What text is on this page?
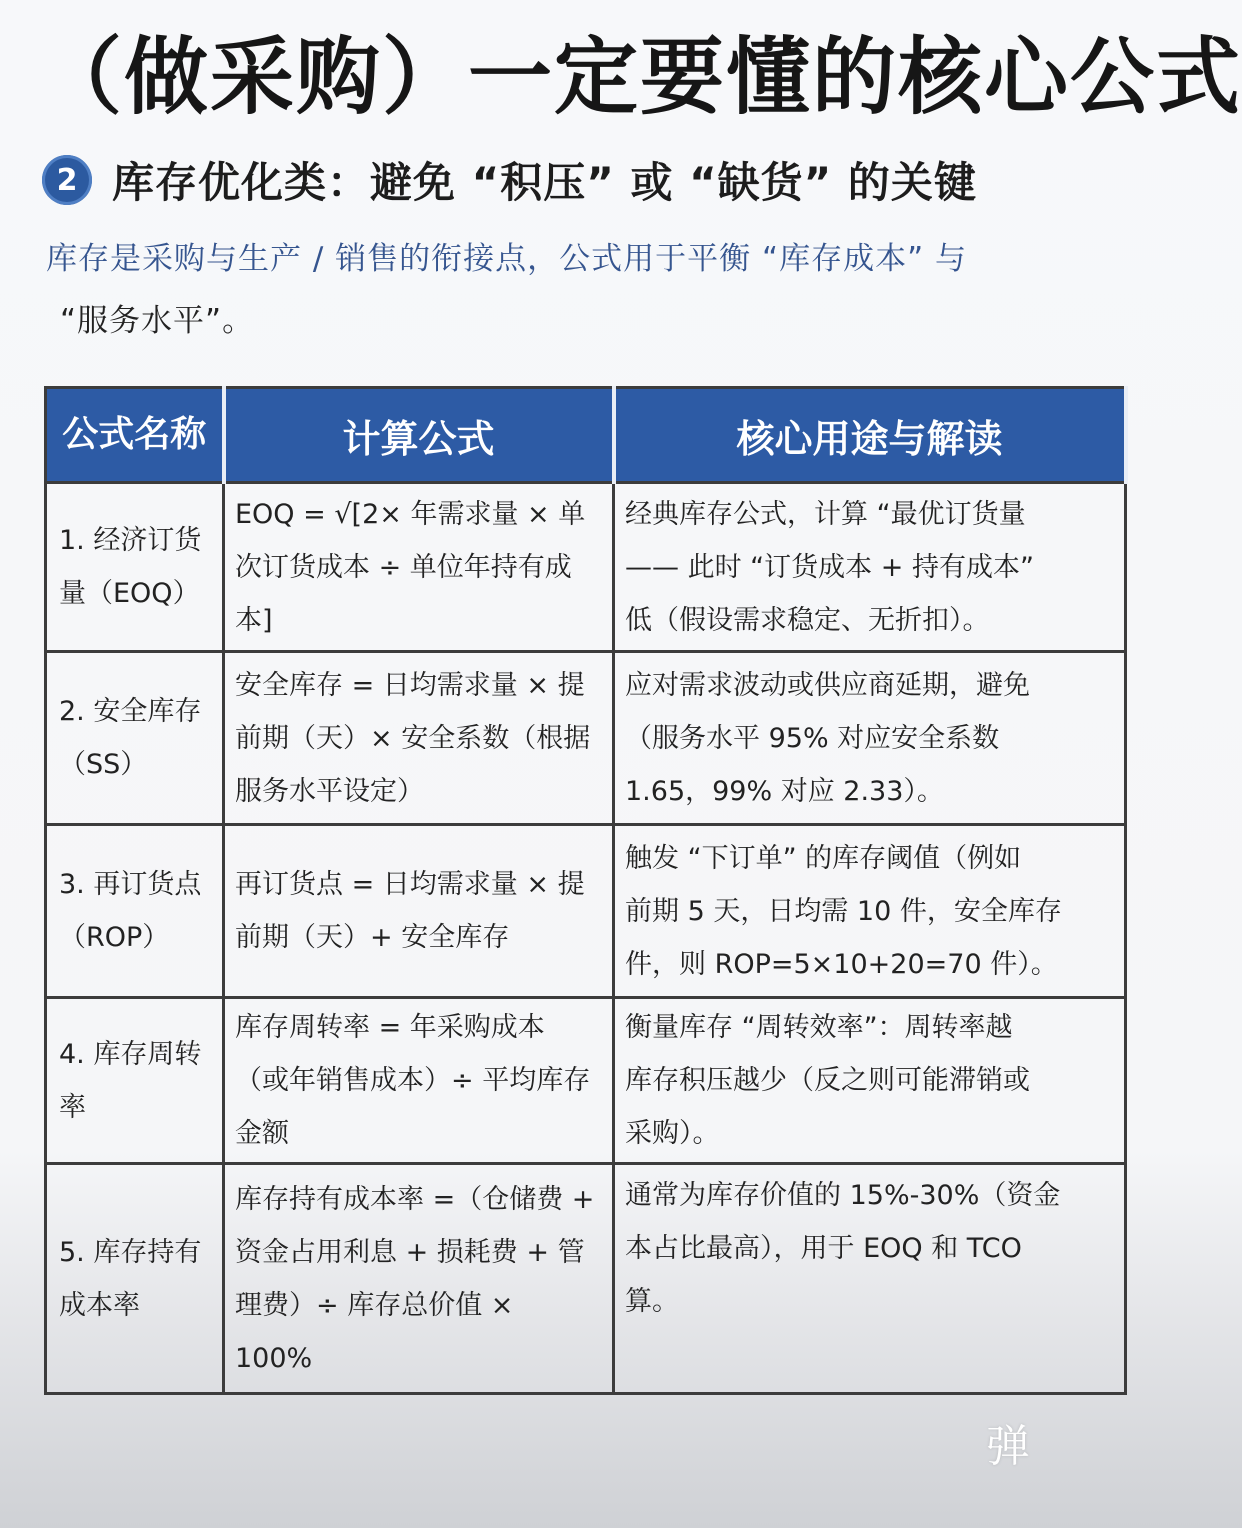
（做采购）一定要懂的核心公式
2 库存优化类：避免 “积压” 或 “缺货” 的关键

库存是采购与生产 / 销售的衔接点，公式用于平衡 “库存成本” 与

“服务水平”。

公式名称	计算公式	核心用途与解读
1. 经济订货量（EOQ）	EOQ = √[2× 年需求量 × 单次订货成本 ÷ 单位年持有成本]	经典库存公式，计算 “最优订货量
—— 此时 “订货成本 + 持有成本”
低（假设需求稳定、无折扣）。

2. 安全库存（SS）	安全库存 = 日均需求量 × 提前期（天）× 安全系数（根据服务水平设定）	应对需求波动或供应商延期，避免
（服务水平 95% 对应安全系数
1.65，99% 对应 2.33）。

3. 再订货点（ROP）	再订货点 = 日均需求量 × 提前期（天）+ 安全库存	触发 “下订单” 的库存阈值（例如
前期 5 天，日均需 10 件，安全库存
件，则 ROP=5×10+20=70 件）。

4. 库存周转率	库存周转率 = 年采购成本（或年销售成本）÷ 平均库存金额	衡量库存 “周转效率”：周转率越
库存积压越少（反之则可能滞销或
采购）。

5. 库存持有成本率	库存持有成本率 =（仓储费 + 资金占用利息 + 损耗费 + 管理费）÷ 库存总价值 × 100%	通常为库存价值的 15%-30%（资金
本占比最高），用于 EOQ 和 TCO
算。
弹
